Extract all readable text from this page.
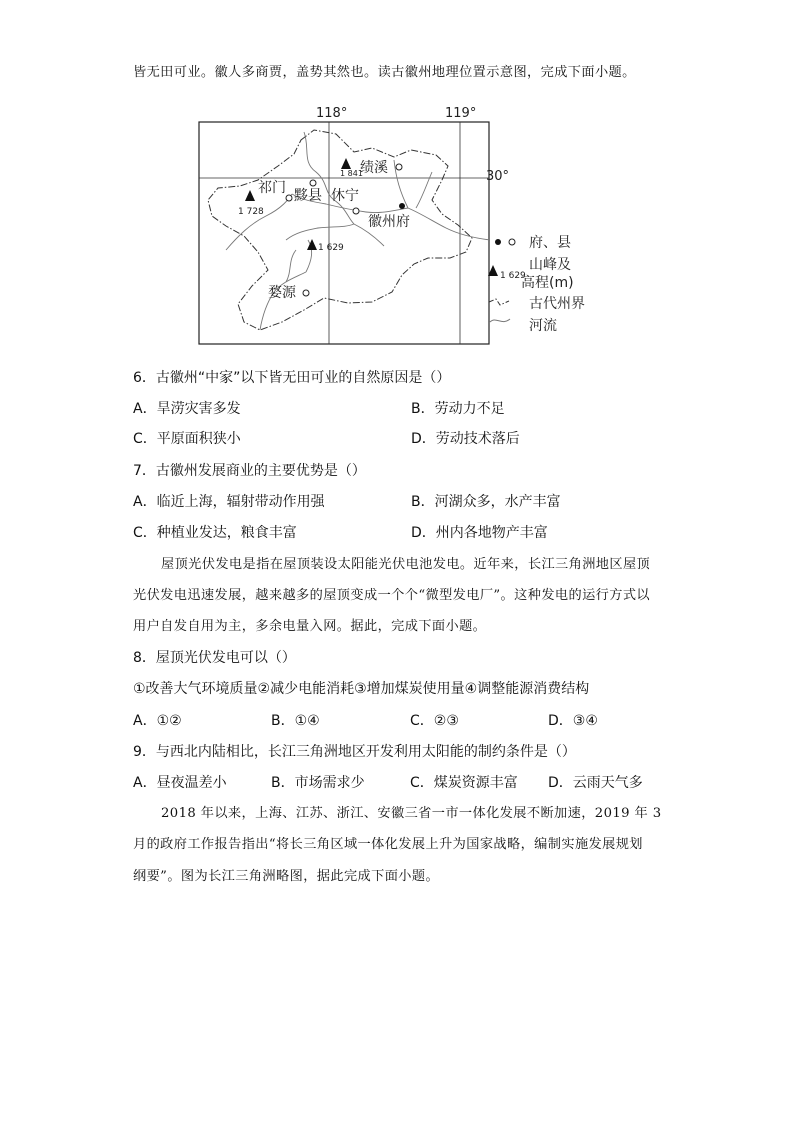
皆无田可业。徽人多商贾，盖势其然也。读古徽州地理位置示意图，完成下面小题。
118°	119°
30°
1 841
1 728
1 629
绩溪
祁门 黟县 休宁
徽州府
婺源
府、县
1 629
山峰及
高程(m)
古代州界
河流
6．古徽州“中家”以下皆无田可业的自然原因是（）
A．旱涝灾害多发	B．劳动力不足
C．平原面积狭小	D．劳动技术落后
7．古徽州发展商业的主要优势是（）
A．临近上海，辐射带动作用强	B．河湖众多，水产丰富
C．种植业发达，粮食丰富	D．州内各地物产丰富
屋顶光伏发电是指在屋顶装设太阳能光伏电池发电。近年来，长江三角洲地区屋顶
光伏发电迅速发展，越来越多的屋顶变成一个个“微型发电厂”。这种发电的运行方式以
用户自发自用为主，多余电量入网。据此，完成下面小题。
8．屋顶光伏发电可以（）
①改善大气环境质量②减少电能消耗③增加煤炭使用量④调整能源消费结构
A．①②	B．①④	C．②③	D．③④
9．与西北内陆相比，长江三角洲地区开发利用太阳能的制约条件是（）
A．昼夜温差小	B．市场需求少	C．煤炭资源丰富 D．云雨天气多
2018 年以来，上海、江苏、浙江、安徽三省一市一体化发展不断加速，2019 年 3
月的政府工作报告指出“将长三角区域一体化发展上升为国家战略，编制实施发展规划
纲要”。图为长江三角洲略图，据此完成下面小题。
